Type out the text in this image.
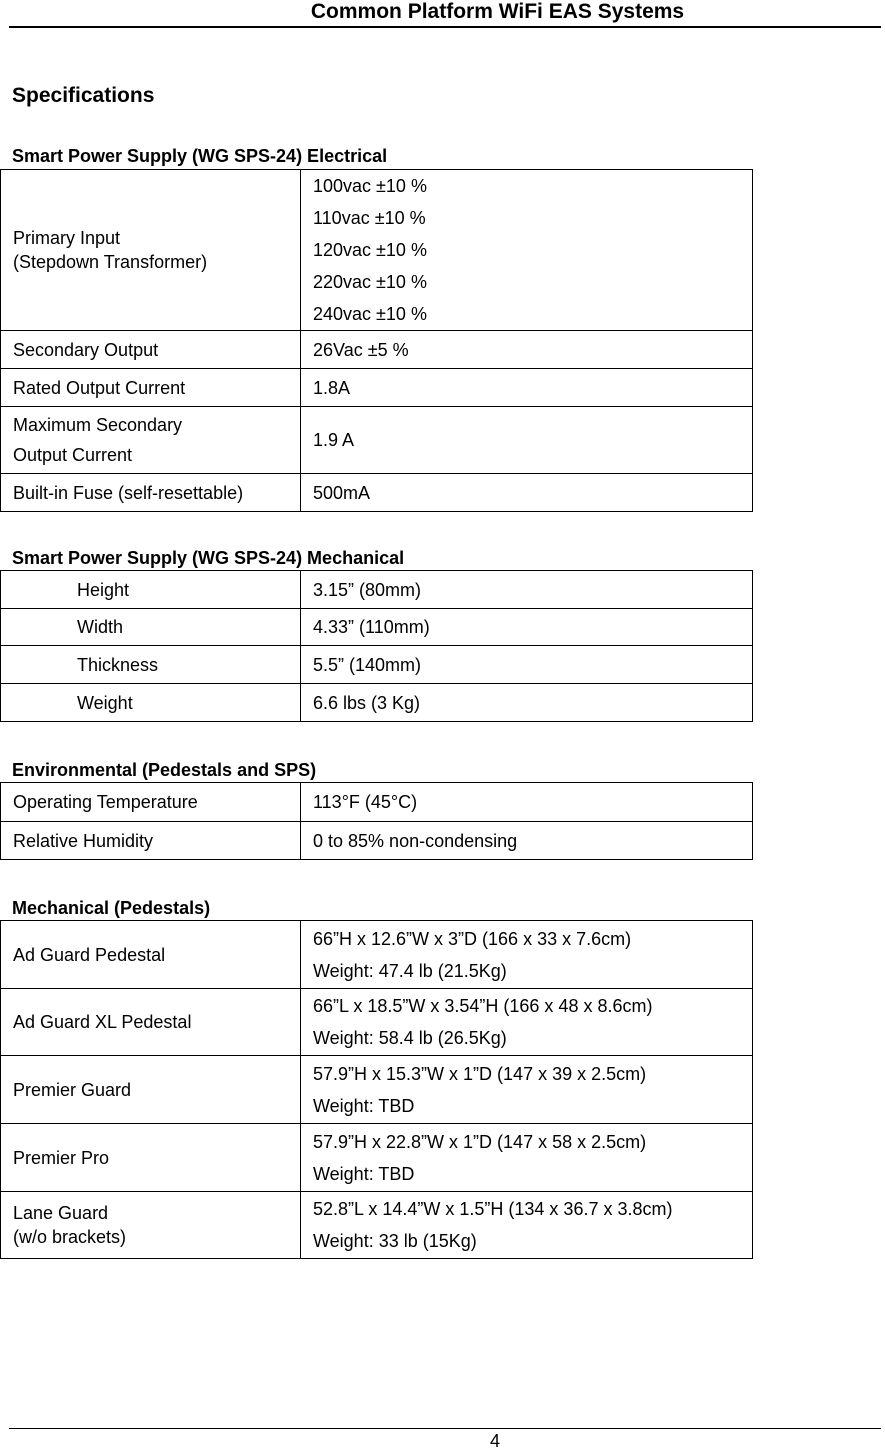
Common Platform WiFi EAS Systems
Specifications
Smart Power Supply (WG SPS-24) Electrical
Primary Input
(Stepdown Transformer)	100vac ±10 %
110vac ±10 %
120vac ±10 %
220vac ±10 %
240vac ±10 %

Secondary Output	26Vac ±5 %
Rated Output Current	1.8A

Maximum Secondary
Output Current	1.9 A
Built-in Fuse (self-resettable)	500mA
Smart Power Supply (WG SPS-24) Mechanical
Height	3.15” (80mm)
Width	4.33” (110mm)
Thickness	5.5” (140mm)
Weight	6.6 lbs (3 Kg)
Environmental (Pedestals and SPS)
Operating Temperature	113°F (45°C)
Relative Humidity	0 to 85% non-condensing
Mechanical (Pedestals)
Ad Guard Pedestal	66”H x 12.6”W x 3”D (166 x 33 x 7.6cm)
Weight: 47.4 lb (21.5Kg)

Ad Guard XL Pedestal	66”L x 18.5”W x 3.54”H (166 x 48 x 8.6cm)
Weight: 58.4 lb (26.5Kg)

Premier Guard	57.9”H x 15.3”W x 1”D (147 x 39 x 2.5cm)
Weight: TBD

Premier Pro	57.9”H x 22.8”W x 1”D (147 x 58 x 2.5cm)
Weight: TBD

Lane Guard
(w/o brackets)	52.8”L x 14.4”W x 1.5”H (134 x 36.7 x 3.8cm)
Weight: 33 lb (15Kg)
4
